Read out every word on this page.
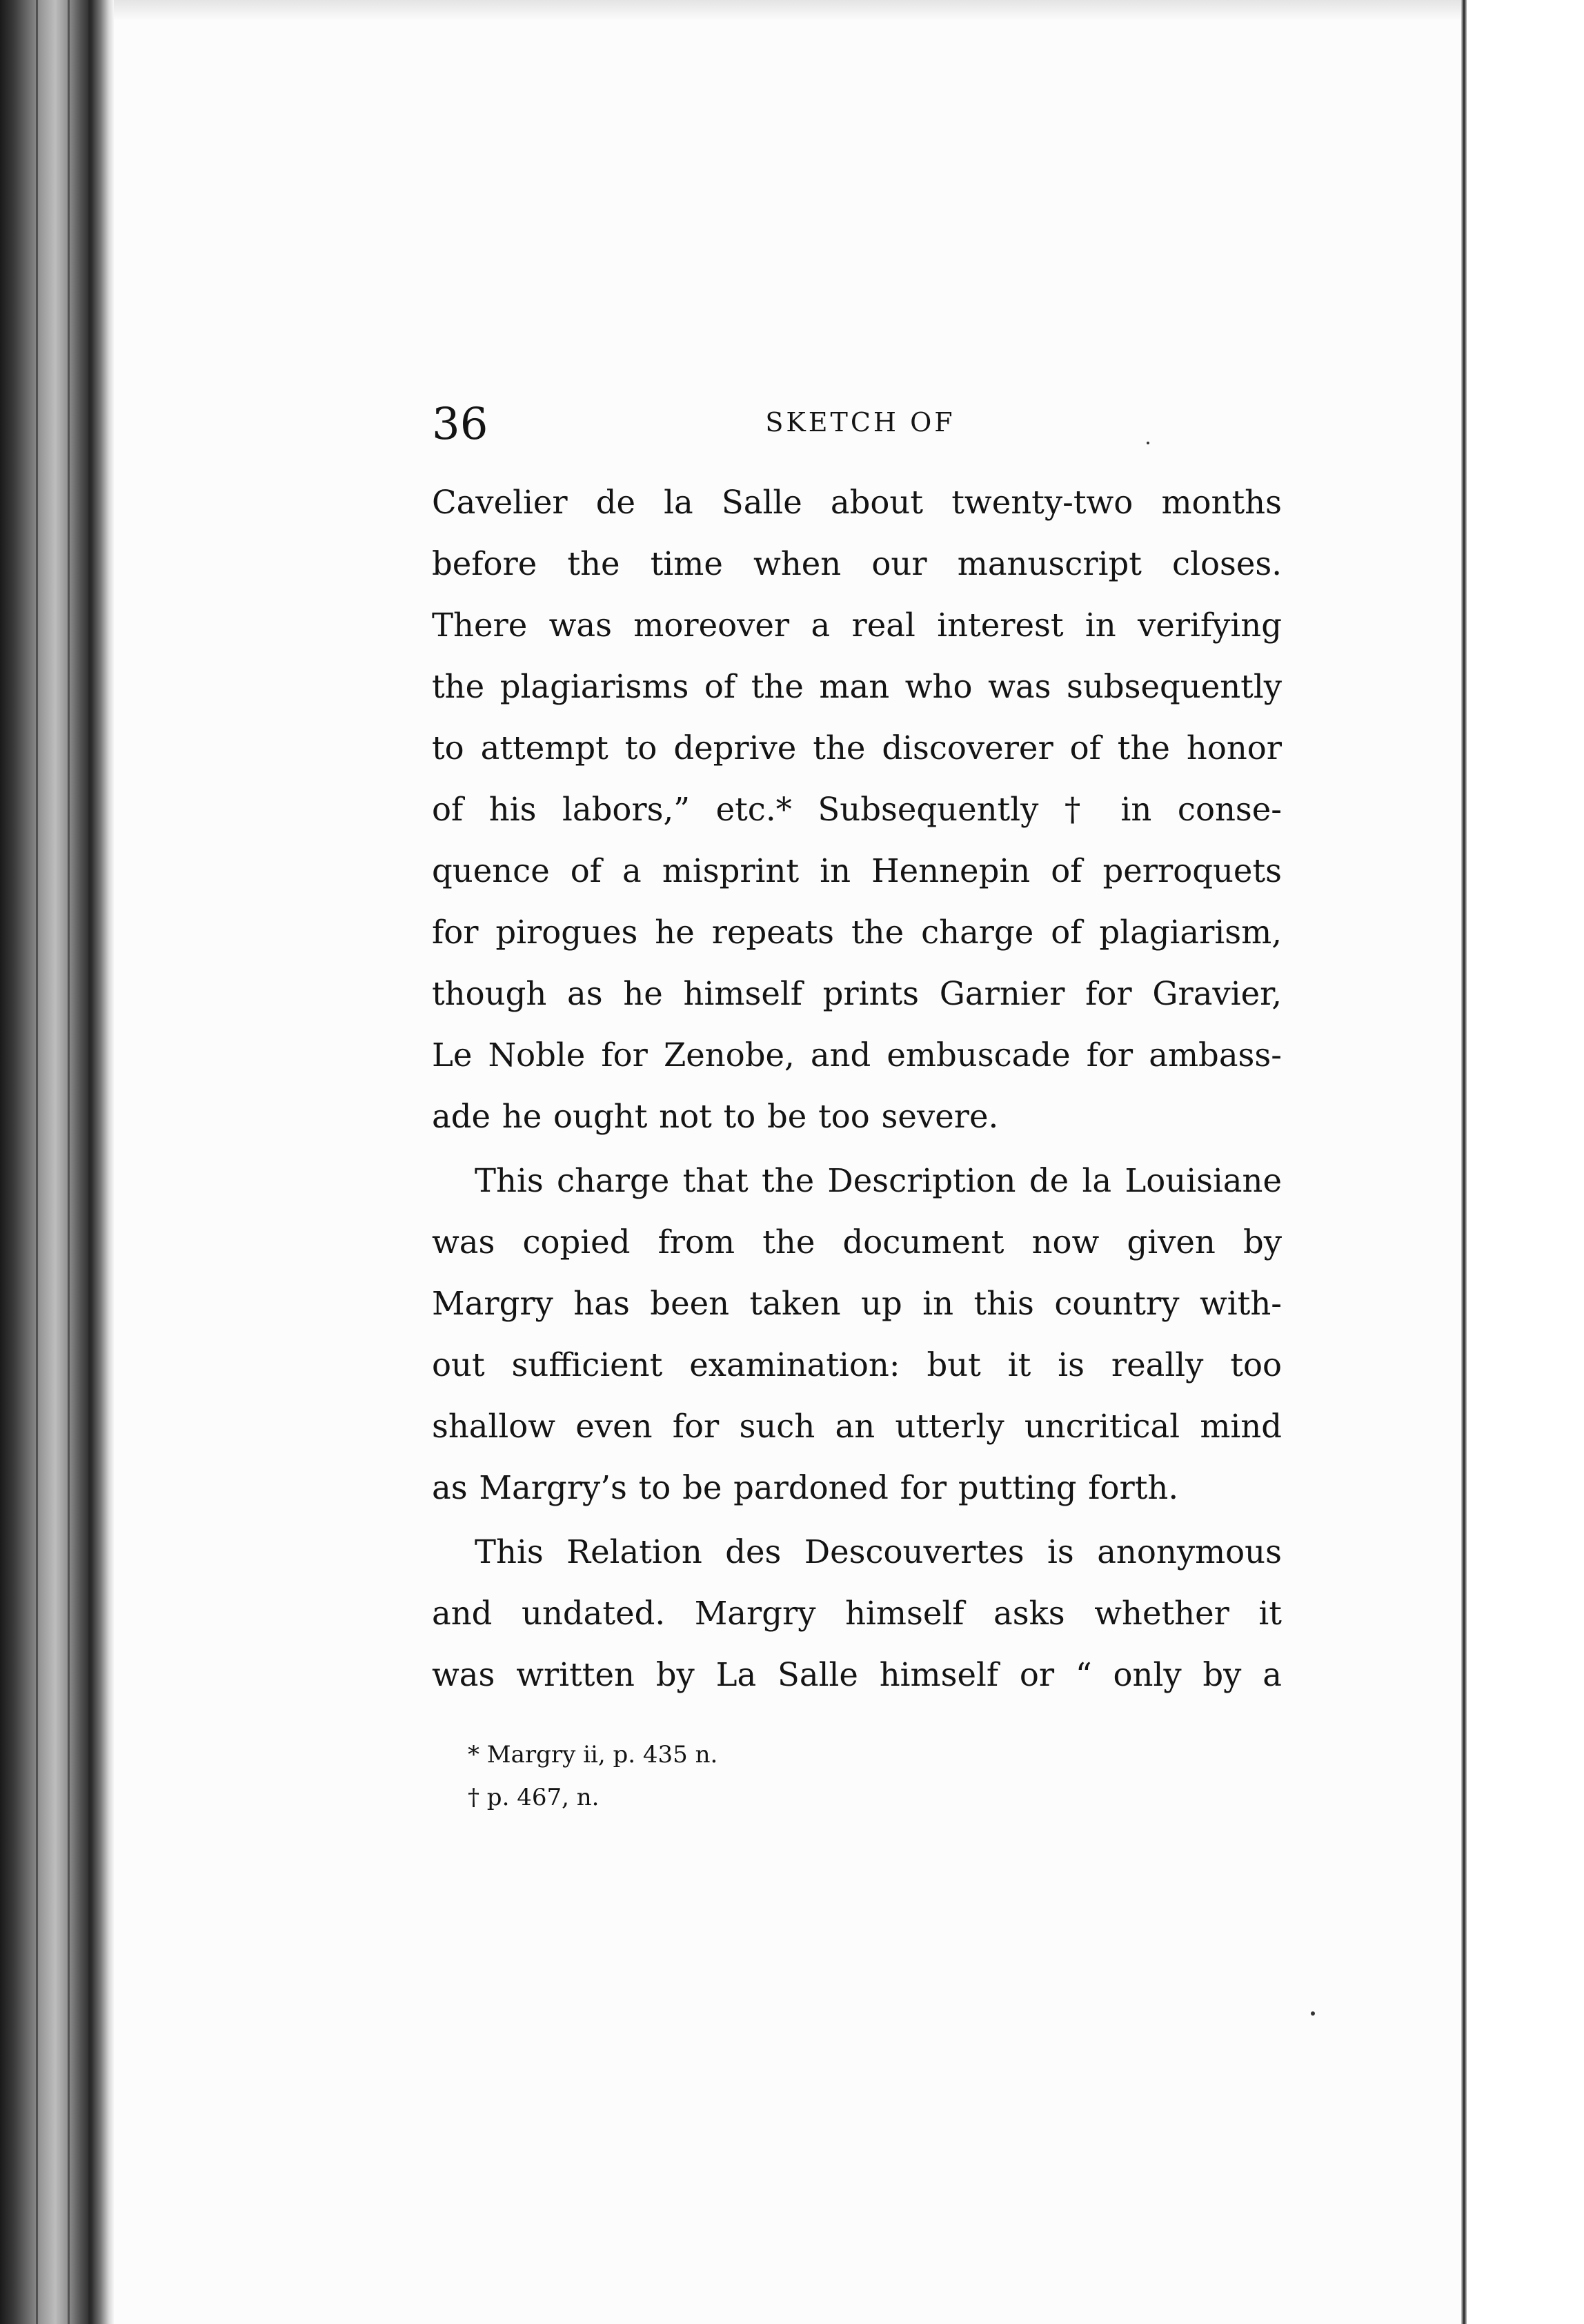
36	SKETCH OF
Cavelier de la Salle about twenty-two months
before the time when our manuscript closes.
There was moreover a real interest in verifying
the plagiarisms of the man who was subsequently
to attempt to deprive the discoverer of the honor
of his labors,” etc.* Subsequently † in conse-
quence of a misprint in Hennepin of perroquets
for pirogues he repeats the charge of plagiarism,
though as he himself prints Garnier for Gravier,
Le Noble for Zenobe, and embuscade for ambass-
ade he ought not to be too severe.
This charge that the Description de la Louisiane
was copied from the document now given by
Margry has been taken up in this country with-
out sufficient examination: but it is really too
shallow even for such an utterly uncritical mind
as Margry’s to be pardoned for putting forth.
This Relation des Descouvertes is anonymous
and undated. Margry himself asks whether it
was written by La Salle himself or “ only by a
* Margry ii, p. 435 n.
† p. 467, n.
